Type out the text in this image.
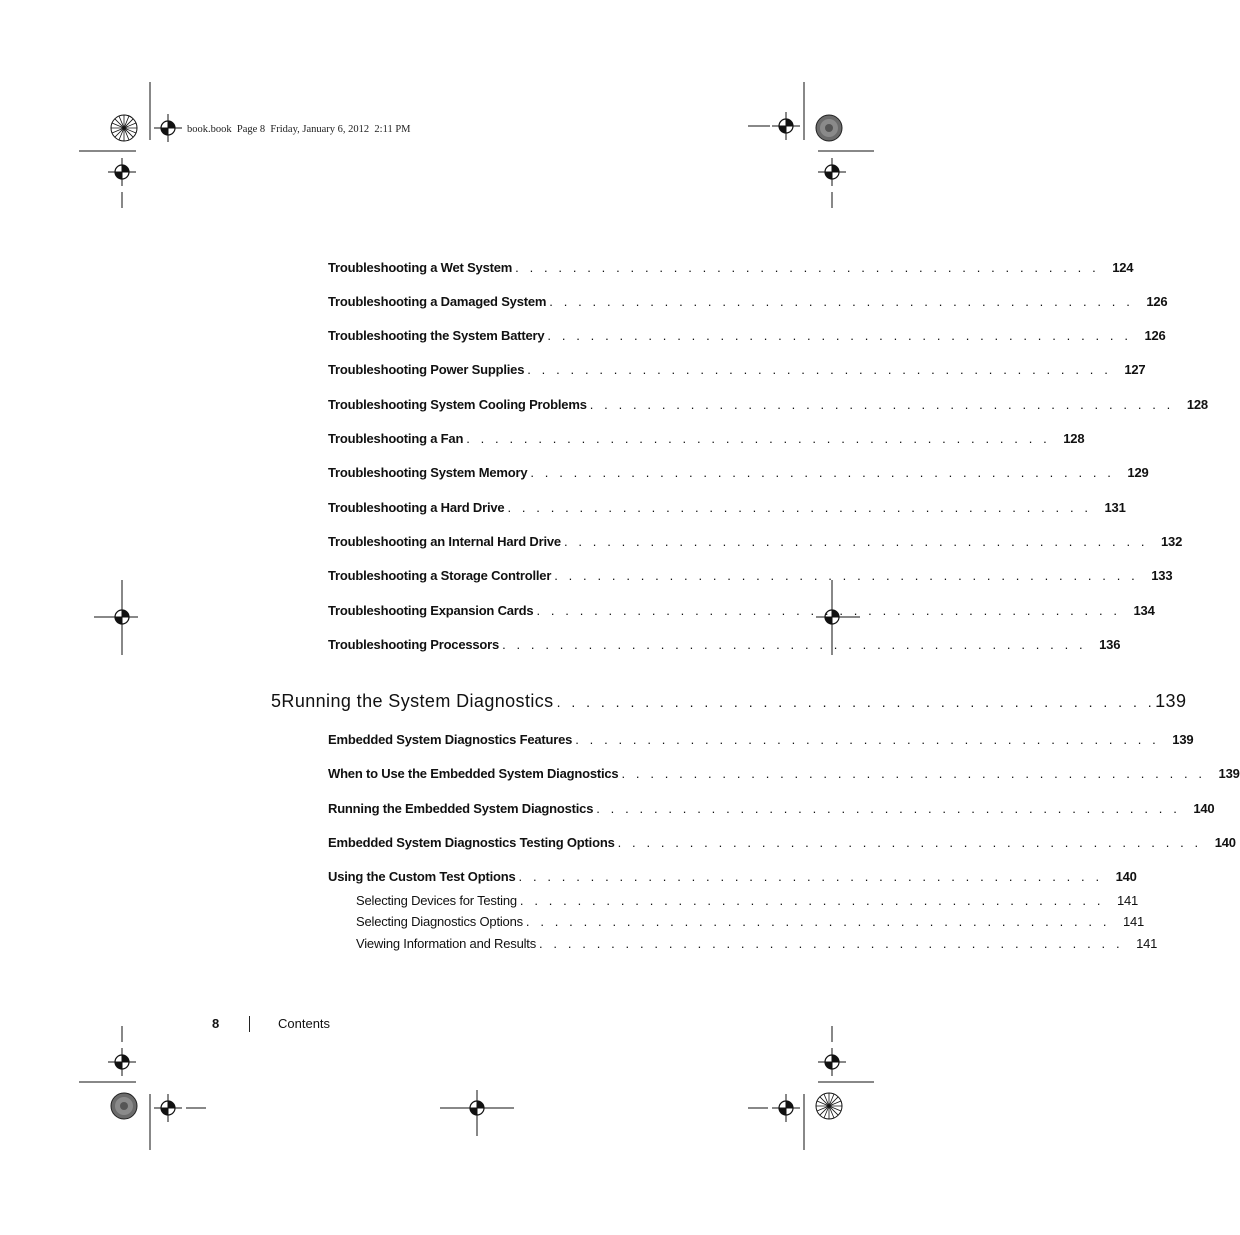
book.book  Page 8  Friday, January 6, 2012  2:11 PM
Troubleshooting a Wet System . . . . . . . . . . . . . . . . . . . . . . . . . . . . . . . . . . . . . . . . . 124
Troubleshooting a Damaged System . . . . . . . . . . . . . . . . . . . . . . . . . . . . . . . . . . . . . . . . . 126
Troubleshooting the System Battery . . . . . . . . . . . . . . . . . . . . . . . . . . . . . . . . . . . . . . . . . 126
Troubleshooting Power Supplies . . . . . . . . . . . . . . . . . . . . . . . . . . . . . . . . . . . . . . . . . 127
Troubleshooting System Cooling Problems . . . . . . . . . . . . . . . . . . . . . . . . . . . . . . . . . . . . . . . . . 128
Troubleshooting a Fan . . . . . . . . . . . . . . . . . . . . . . . . . . . . . . . . . . . . . . . . . 128
Troubleshooting System Memory . . . . . . . . . . . . . . . . . . . . . . . . . . . . . . . . . . . . . . . . . 129
Troubleshooting a Hard Drive . . . . . . . . . . . . . . . . . . . . . . . . . . . . . . . . . . . . . . . . . 131
Troubleshooting an Internal Hard Drive . . . . . . . . . . . . . . . . . . . . . . . . . . . . . . . . . . . . . . . . . 132
Troubleshooting a Storage Controller . . . . . . . . . . . . . . . . . . . . . . . . . . . . . . . . . . . . . . . . . 133
Troubleshooting Expansion Cards . . . . . . . . . . . . . . . . . . . . . . . . . . . . . . . . . . . . . . . . . 134
Troubleshooting Processors . . . . . . . . . . . . . . . . . . . . . . . . . . . . . . . . . . . . . . . . . 136
5 Running the System Diagnostics . . . . . . . . . . . . . . . . . . . . . . . . . . . . . . . . . . . . . . . . . 139
Embedded System Diagnostics Features . . . . . . . . . . . . . . . . . . . . . . . . . . . . . . . . . . . . . . . . . 139
When to Use the Embedded System Diagnostics . . . . . . . . . . . . . . . . . . . . . . . . . . . . . . . . . . . . . . . . . 139
Running the Embedded System Diagnostics . . . . . . . . . . . . . . . . . . . . . . . . . . . . . . . . . . . . . . . . . 140
Embedded System Diagnostics Testing Options . . . . . . . . . . . . . . . . . . . . . . . . . . . . . . . . . . . . . . . . . 140
Using the Custom Test Options . . . . . . . . . . . . . . . . . . . . . . . . . . . . . . . . . . . . . . . . . 140
Selecting Devices for Testing . . . . . . . . . . . . . . . . . . . . . . . . . . . . . . . . . . . . . . . . . 141
Selecting Diagnostics Options . . . . . . . . . . . . . . . . . . . . . . . . . . . . . . . . . . . . . . . . . 141
Viewing Information and Results . . . . . . . . . . . . . . . . . . . . . . . . . . . . . . . . . . . . . . . . . 141
8	Contents
